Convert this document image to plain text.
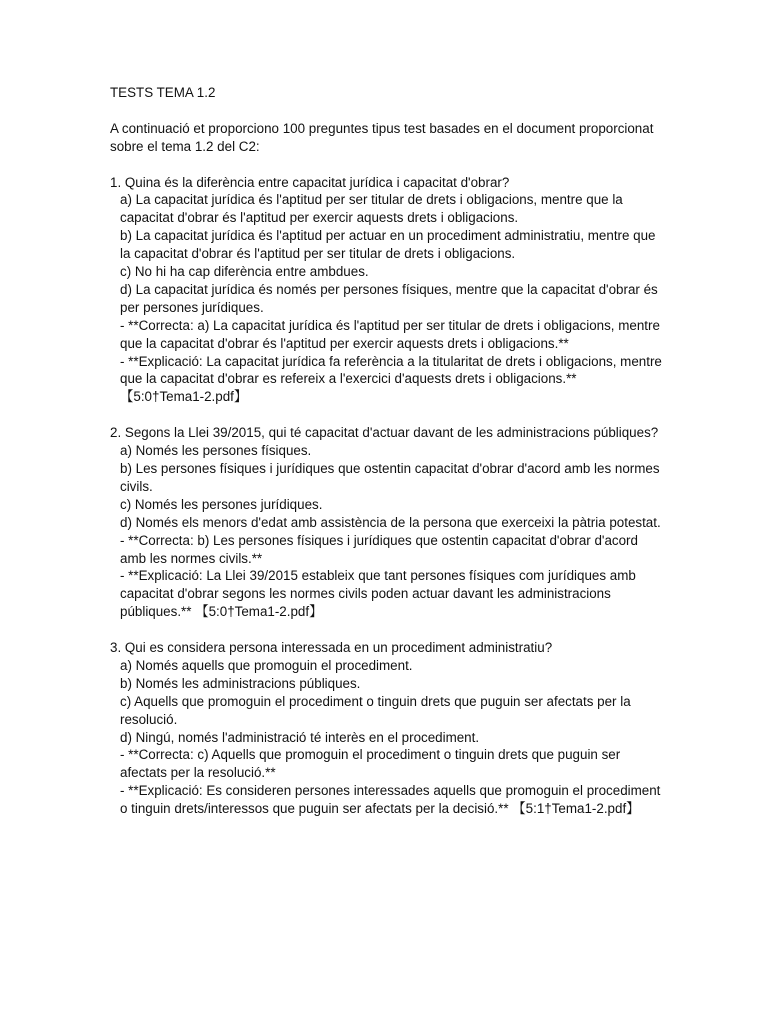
TESTS TEMA 1.2

A continuació et proporciono 100 preguntes tipus test basades en el document proporcionat sobre el tema 1.2 del C2:

1. Quina és la diferència entre capacitat jurídica i capacitat d'obrar?

a) La capacitat jurídica és l'aptitud per ser titular de drets i obligacions, mentre que la capacitat d'obrar és l'aptitud per exercir aquests drets i obligacions.

b) La capacitat jurídica és l'aptitud per actuar en un procediment administratiu, mentre que la capacitat d'obrar és l'aptitud per ser titular de drets i obligacions.

c) No hi ha cap diferència entre ambdues.

d) La capacitat jurídica és només per persones físiques, mentre que la capacitat d'obrar és per persones jurídiques.

- **Correcta: a) La capacitat jurídica és l'aptitud per ser titular de drets i obligacions, mentre que la capacitat d'obrar és l'aptitud per exercir aquests drets i obligacions.**

- **Explicació: La capacitat jurídica fa referència a la titularitat de drets i obligacions, mentre que la capacitat d'obrar es refereix a l'exercici d'aquests drets i obligacions.** 【5:0†Tema1-2.pdf】

2. Segons la Llei 39/2015, qui té capacitat d'actuar davant de les administracions públiques?

a) Només les persones físiques.

b) Les persones físiques i jurídiques que ostentin capacitat d'obrar d'acord amb les normes civils.

c) Només les persones jurídiques.

d) Només els menors d'edat amb assistència de la persona que exerceixi la pàtria potestat.

- **Correcta: b) Les persones físiques i jurídiques que ostentin capacitat d'obrar d'acord amb les normes civils.**

- **Explicació: La Llei 39/2015 estableix que tant persones físiques com jurídiques amb capacitat d'obrar segons les normes civils poden actuar davant les administracions públiques.** 【5:0†Tema1-2.pdf】

3. Qui es considera persona interessada en un procediment administratiu?

a) Només aquells que promoguin el procediment.

b) Només les administracions públiques.

c) Aquells que promoguin el procediment o tinguin drets que puguin ser afectats per la resolució.

d) Ningú, només l'administració té interès en el procediment.

- **Correcta: c) Aquells que promoguin el procediment o tinguin drets que puguin ser afectats per la resolució.**

- **Explicació: Es consideren persones interessades aquells que promoguin el procediment o tinguin drets/interessos que puguin ser afectats per la decisió.** 【5:1†Tema1-2.pdf】
